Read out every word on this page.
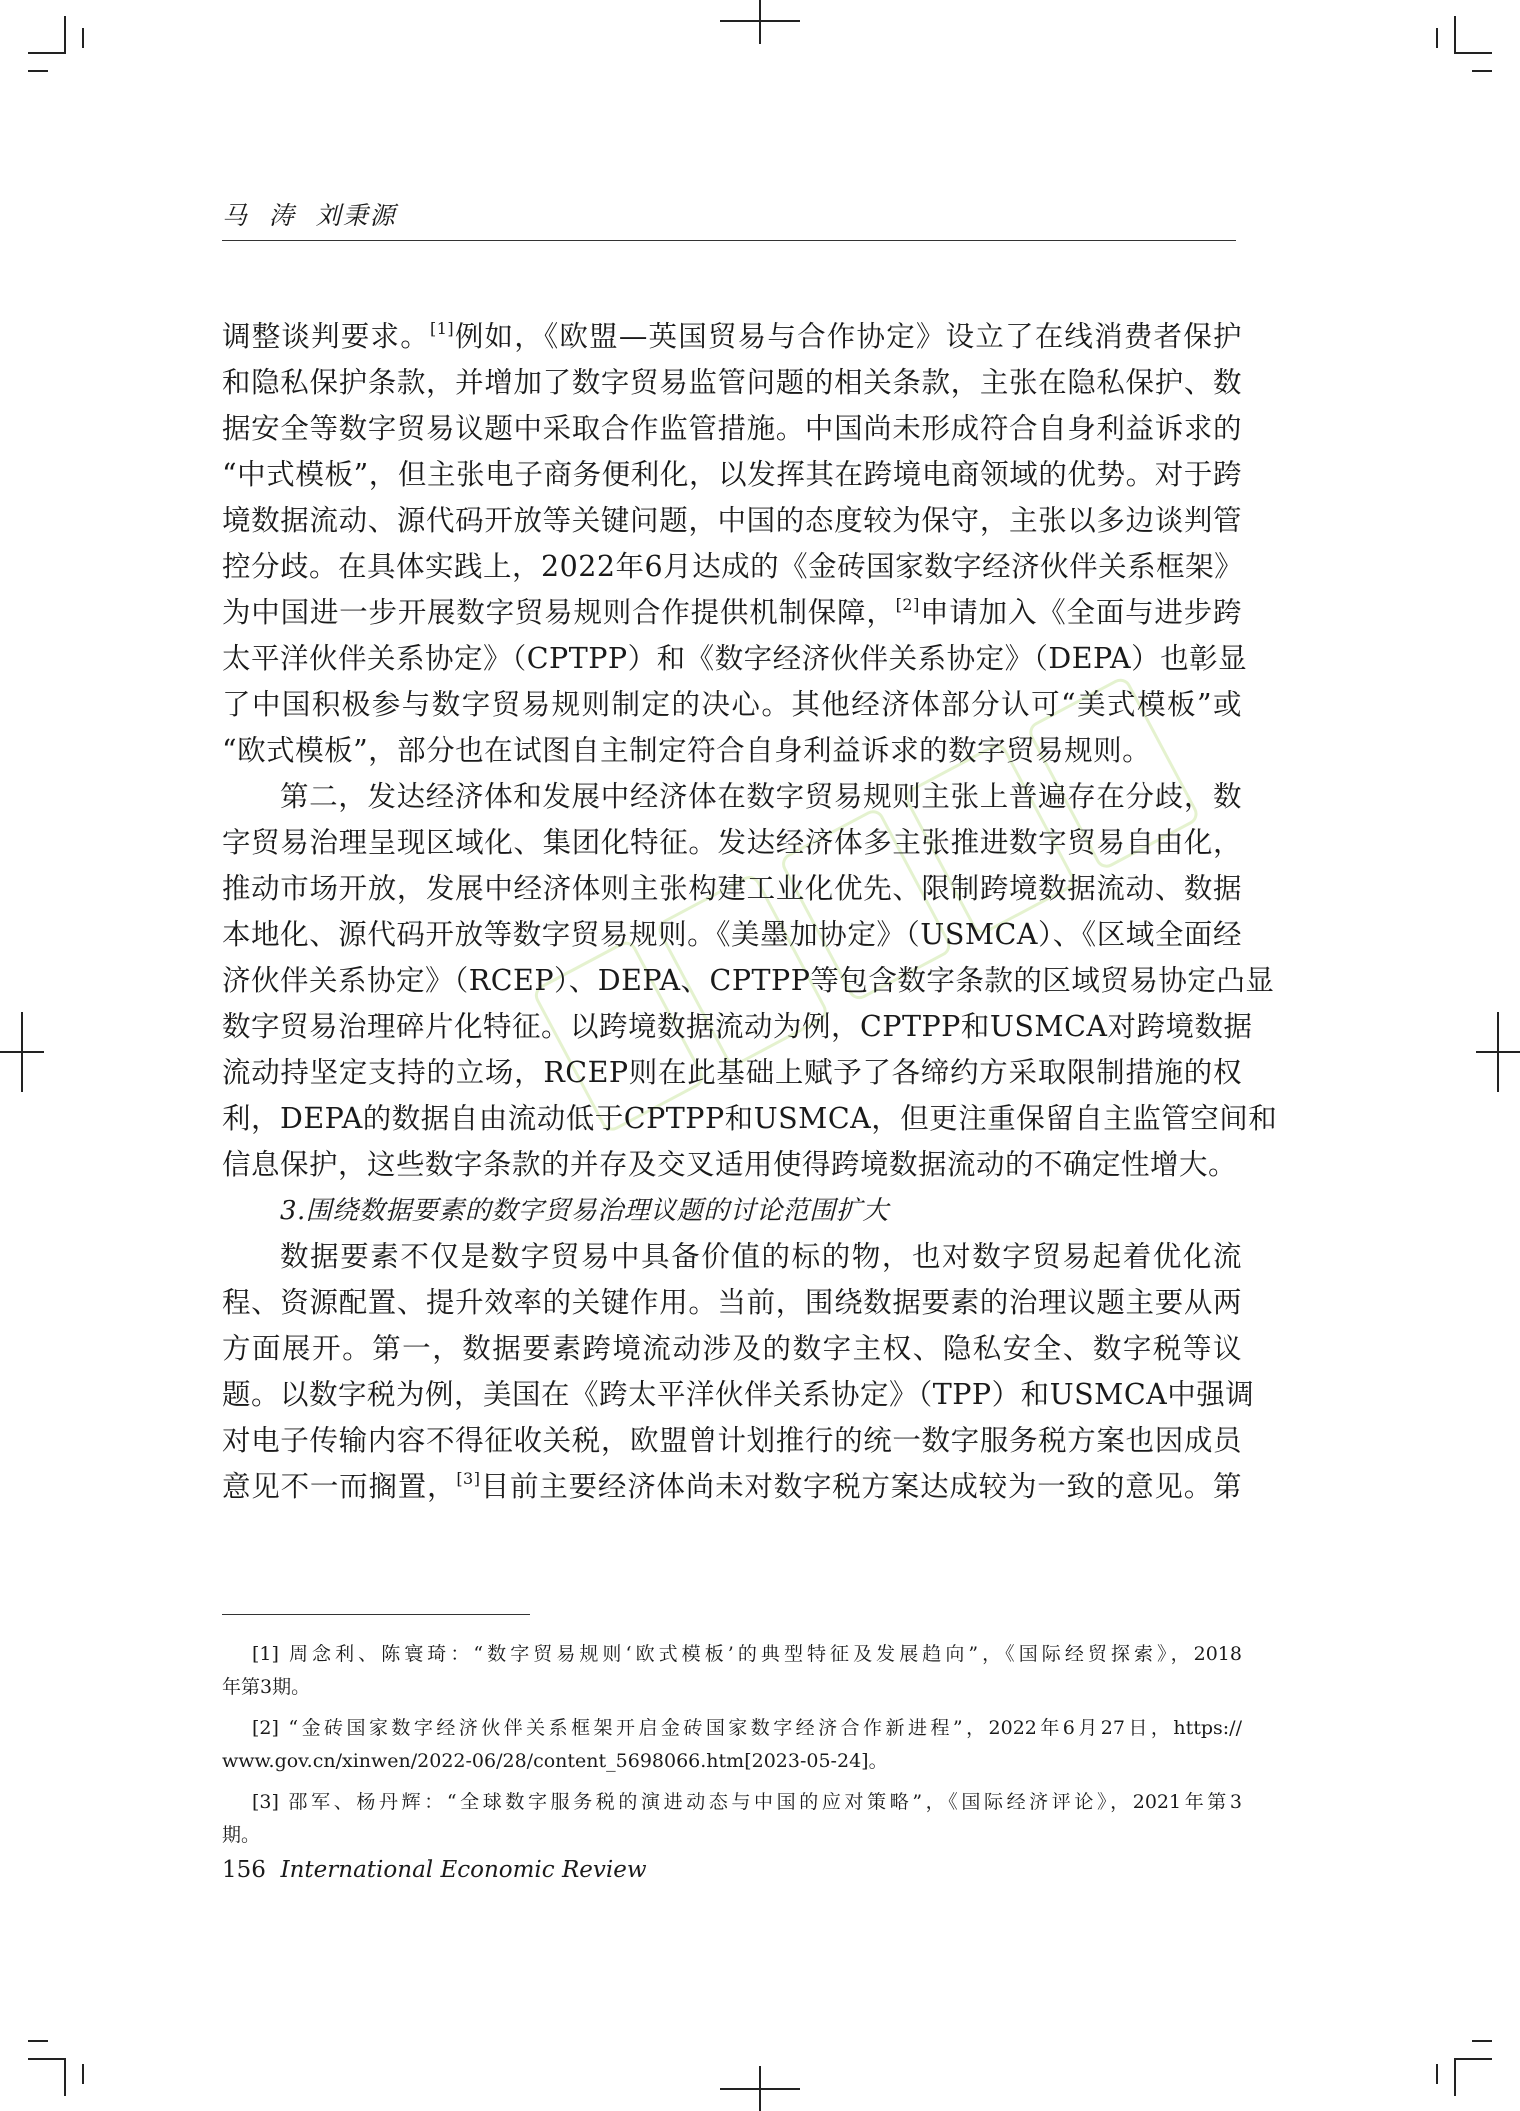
马  涛  刘秉源
调整谈判要求。[1]例如，《欧盟—英国贸易与合作协定》设立了在线消费者保护
和隐私保护条款，并增加了数字贸易监管问题的相关条款，主张在隐私保护、数
据安全等数字贸易议题中采取合作监管措施。中国尚未形成符合自身利益诉求的
“中式模板”，但主张电子商务便利化，以发挥其在跨境电商领域的优势。对于跨
境数据流动、源代码开放等关键问题，中国的态度较为保守，主张以多边谈判管
控分歧。在具体实践上，2022年6月达成的《金砖国家数字经济伙伴关系框架》
为中国进一步开展数字贸易规则合作提供机制保障，[2]申请加入《全面与进步跨
太平洋伙伴关系协定》（CPTPP）和《数字经济伙伴关系协定》（DEPA）也彰显
了中国积极参与数字贸易规则制定的决心。其他经济体部分认可“美式模板”或
“欧式模板”，部分也在试图自主制定符合自身利益诉求的数字贸易规则。
第二，发达经济体和发展中经济体在数字贸易规则主张上普遍存在分歧，数
字贸易治理呈现区域化、集团化特征。发达经济体多主张推进数字贸易自由化，
推动市场开放，发展中经济体则主张构建工业化优先、限制跨境数据流动、数据
本地化、源代码开放等数字贸易规则。《美墨加协定》（USMCA）、《区域全面经
济伙伴关系协定》（RCEP）、DEPA、CPTPP等包含数字条款的区域贸易协定凸显
数字贸易治理碎片化特征。以跨境数据流动为例，CPTPP和USMCA对跨境数据
流动持坚定支持的立场，RCEP则在此基础上赋予了各缔约方采取限制措施的权
利，DEPA的数据自由流动低于CPTPP和USMCA，但更注重保留自主监管空间和
信息保护，这些数字条款的并存及交叉适用使得跨境数据流动的不确定性增大。
3.围绕数据要素的数字贸易治理议题的讨论范围扩大
数据要素不仅是数字贸易中具备价值的标的物，也对数字贸易起着优化流
程、资源配置、提升效率的关键作用。当前，围绕数据要素的治理议题主要从两
方面展开。第一，数据要素跨境流动涉及的数字主权、隐私安全、数字税等议
题。以数字税为例，美国在《跨太平洋伙伴关系协定》（TPP）和USMCA中强调
对电子传输内容不得征收关税，欧盟曾计划推行的统一数字服务税方案也因成员
意见不一而搁置，[3]目前主要经济体尚未对数字税方案达成较为一致的意见。第
[1] 周念利、陈寰琦：“数字贸易规则‘欧式模板’的典型特征及发展趋向”，《国际经贸探索》，2018
年第3期。
[2] “金砖国家数字经济伙伴关系框架开启金砖国家数字经济合作新进程”，2022年6月27日，https://
www.gov.cn/xinwen/2022-06/28/content_5698066.htm[2023-05-24]。
[3] 邵军、杨丹辉：“全球数字服务税的演进动态与中国的应对策略”，《国际经济评论》，2021年第3
期。
156 International Economic Review
